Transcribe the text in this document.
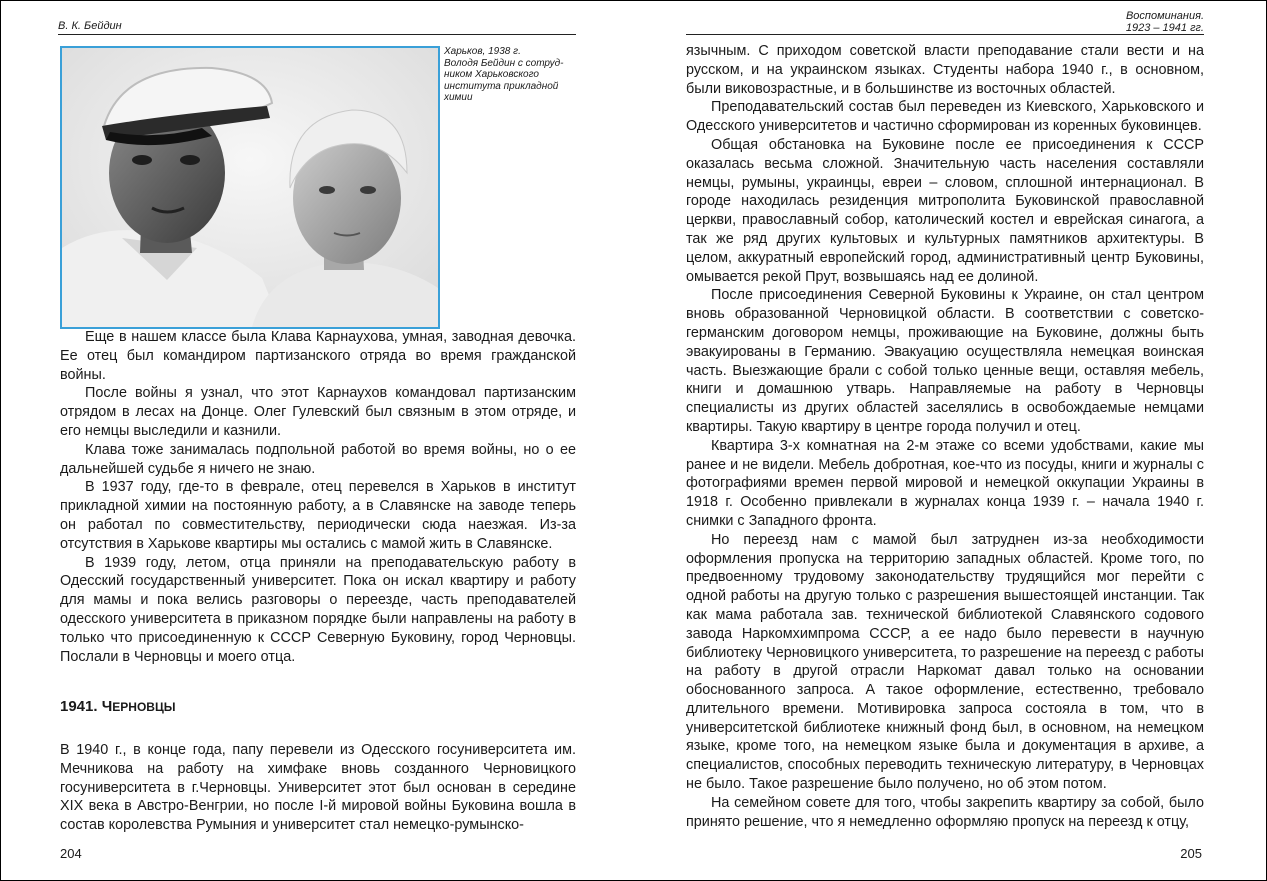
В. К. Бейдин
Харьков, 1938 г.
Володя Бейдин с сотруд-
ником Харьковского
института прикладной
химии

Еще в нашем классе была Клава Карнаухова, умная, заводная девочка. Ее отец был командиром партизанского отряда во время гражданской войны.

После войны я узнал, что этот Карнаухов командовал партизанским отрядом в лесах на Донце. Олег Гулевский был связным в этом отряде, и его немцы выследили и казнили.

Клава тоже занималась подпольной работой во время войны, но о ее дальнейшей судьбе я ничего не знаю.

В 1937 году, где-то в феврале, отец перевелся в Харьков в институт прикладной химии на постоянную работу, а в Славянске на заводе теперь он работал по совместительству, периодически сюда наезжая. Из-за отсутствия в Харькове квартиры мы остались с мамой жить в Славянске.

В 1939 году, летом, отца приняли на преподавательскую работу в Одесский государственный университет. Пока он искал квартиру и работу для мамы и пока велись разговоры о переезде, часть преподавателей одесского университета в приказном порядке были направлены на работу в только что присоединенную к СССР Северную Буковину, город Черновцы. Послали в Черновцы и моего отца.

1941. ЧЕРНОВЦЫ

В 1940 г., в конце года, папу перевели из Одесского госуниверситета им. Мечникова на работу на химфаке вновь созданного Черновицкого госуниверситета в г.Черновцы. Университет этот был основан в середине XIX века в Австро-Венгрии, но после I-й мировой войны Буковина вошла в состав королевства Румыния и университет стал немецко-румынско-

204
Воспоминания.
1923 – 1941 гг.

язычным. С приходом советской власти преподавание стали вести и на русском, и на украинском языках. Студенты набора 1940 г., в основном, были виковозрастные, и в большинстве из восточных областей.

Преподавательский состав был переведен из Киевского, Харьковского и Одесского университетов и частично сформирован из коренных буковинцев.

Общая обстановка на Буковине после ее присоединения к СССР оказалась весьма сложной. Значительную часть населения составляли немцы, румыны, украинцы, евреи – словом, сплошной интернационал. В городе находилась резиденция митрополита Буковинской православной церкви, православный собор, католический костел и еврейская синагога, а так же ряд других культовых и культурных памятников архитектуры. В целом, аккуратный европейский город, административный центр Буковины, омывается рекой Прут, возвышаясь над ее долиной.

После присоединения Северной Буковины к Украине, он стал центром вновь образованной Черновицкой области. В соответствии с советско-германским договором немцы, проживающие на Буковине, должны быть эвакуированы в Германию. Эвакуацию осуществляла немецкая воинская часть. Выезжающие брали с собой только ценные вещи, оставляя мебель, книги и домашнюю утварь. Направляемые на работу в Черновцы специалисты из других областей заселялись в освобождаемые немцами квартиры. Такую квартиру в центре города получил и отец.

Квартира 3-х комнатная на 2-м этаже со всеми удобствами, какие мы ранее и не видели. Мебель добротная, кое-что из посуды, книги и журналы с фотографиями времен первой мировой и немецкой оккупации Украины в 1918 г. Особенно привлекали в журналах конца 1939 г. – начала 1940 г. снимки с Западного фронта.

Но переезд нам с мамой был затруднен из-за необходимости оформления пропуска на территорию западных областей. Кроме того, по предвоенному трудовому законодательству трудящийся мог перейти с одной работы на другую только с разрешения вышестоящей инстанции. Так как мама работала зав. технической библиотекой Славянского содового завода Наркомхимпрома СССР, а ее надо было перевести в научную библиотеку Черновицкого университета, то разрешение на переезд с работы на работу в другой отрасли Наркомат давал только на основании обоснованного запроса. А такое оформление, естественно, требовало длительного времени. Мотивировка запроса состояла в том, что в университетской библиотеке книжный фонд был, в основном, на немецком языке, кроме того, на немецком языке была и документация в архиве, а специалистов, способных переводить техническую литературу, в Черновцах не было. Такое разрешение было получено, но об этом потом.

На семейном совете для того, чтобы закрепить квартиру за собой, было принято решение, что я немедленно оформляю пропуск на переезд к отцу,

205
